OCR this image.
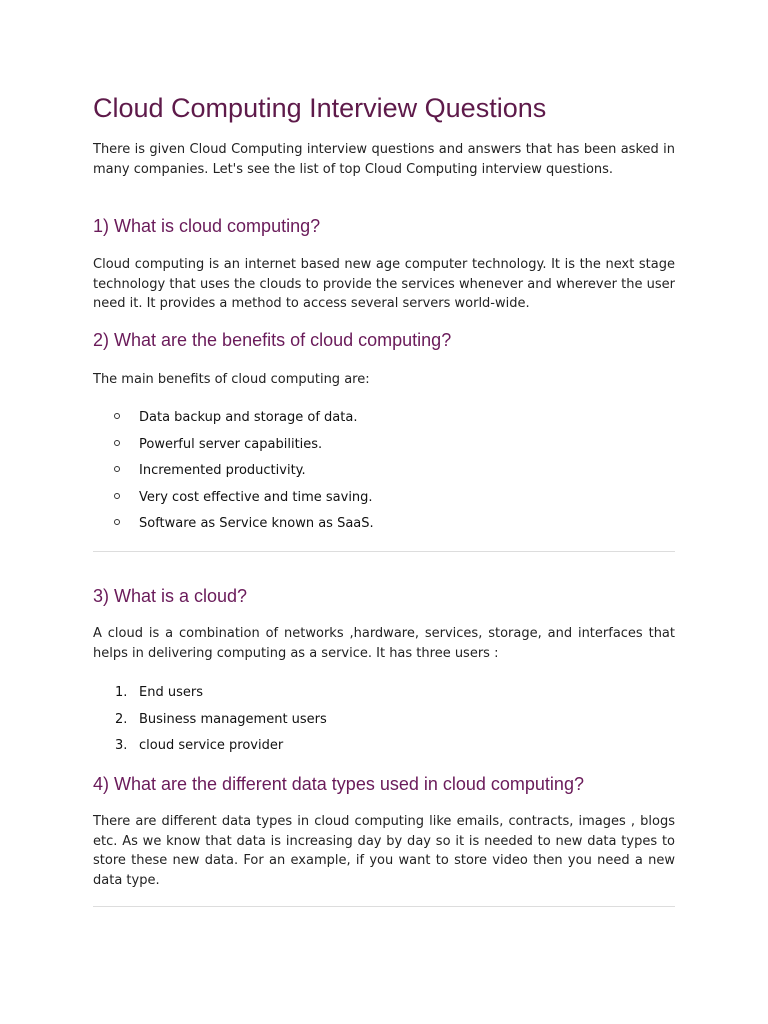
Cloud Computing Interview Questions

There is given Cloud Computing interview questions and answers that has been asked in many companies. Let's see the list of top Cloud Computing interview questions.

1) What is cloud computing?

Cloud computing is an internet based new age computer technology. It is the next stage technology that uses the clouds to provide the services whenever and wherever the user need it. It provides a method to access several servers world-wide.

2) What are the benefits of cloud computing?

The main benefits of cloud computing are:

Data backup and storage of data.
Powerful server capabilities.
Incremented productivity.
Very cost effective and time saving.
Software as Service known as SaaS.
3) What is a cloud?

A cloud is a combination of networks ,hardware, services, storage, and interfaces that helps in delivering computing as a service. It has three users :

1. End users
2. Business management users
3. cloud service provider
4) What are the different data types used in cloud computing?

There are different data types in cloud computing like emails, contracts, images , blogs etc. As we know that data is increasing day by day so it is needed to new data types to store these new data. For an example, if you want to store video then you need a new data type.
